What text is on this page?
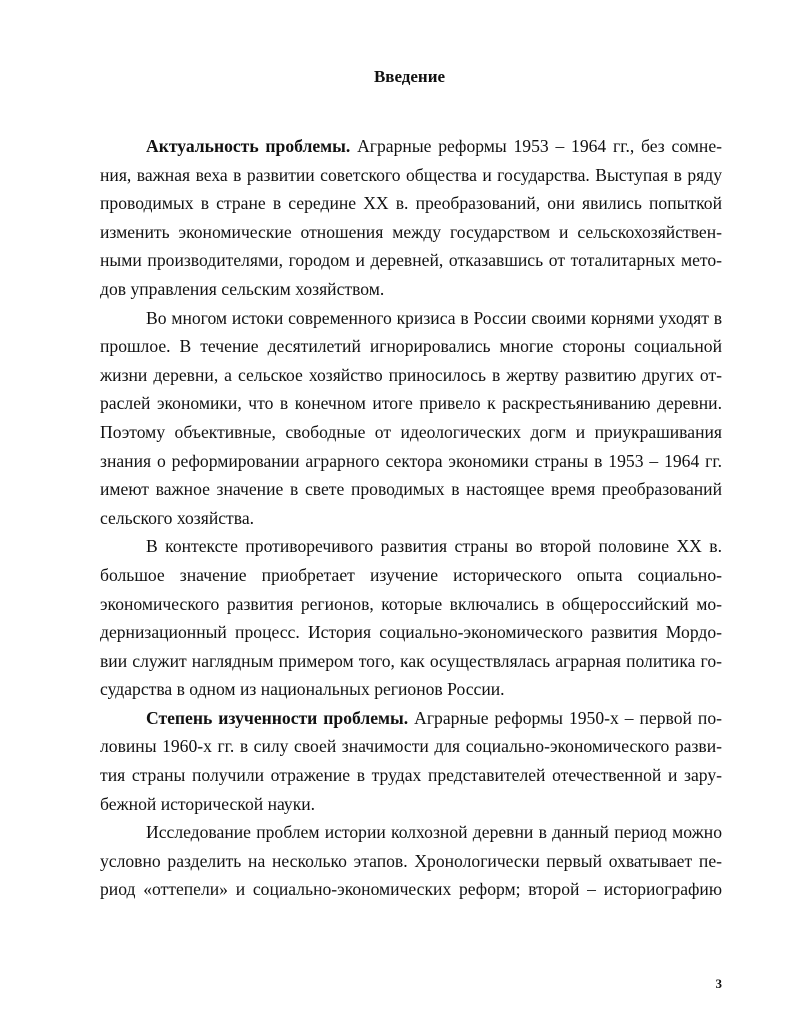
Введение
Актуальность проблемы. Аграрные реформы 1953 – 1964 гг., без сомне-
ния, важная веха в развитии советского общества и государства. Выступая в ряду
проводимых в стране в середине XX в. преобразований, они явились попыткой
изменить экономические отношения между государством и сельскохозяйствен-
ными производителями, городом и деревней, отказавшись от тоталитарных мето-
дов управления сельским хозяйством.
Во многом истоки современного кризиса в России своими корнями уходят в
прошлое. В течение десятилетий игнорировались многие стороны социальной
жизни деревни, а сельское хозяйство приносилось в жертву развитию других от-
раслей экономики, что в конечном итоге привело к раскрестьяниванию деревни.
Поэтому объективные, свободные от идеологических догм и приукрашивания
знания о реформировании аграрного сектора экономики страны в 1953 – 1964 гг.
имеют важное значение в свете проводимых в настоящее время преобразований
сельского хозяйства.
В контексте противоречивого развития страны во второй половине XX в.
большое значение приобретает изучение исторического опыта социально-
экономического развития регионов, которые включались в общероссийский мо-
дернизационный процесс. История социально-экономического развития Мордо-
вии служит наглядным примером того, как осуществлялась аграрная политика го-
сударства в одном из национальных регионов России.
Степень изученности проблемы. Аграрные реформы 1950-х – первой по-
ловины 1960-х гг. в силу своей значимости для социально-экономического разви-
тия страны получили отражение в трудах представителей отечественной и зару-
бежной исторической науки.
Исследование проблем истории колхозной деревни в данный период можно
условно разделить на несколько этапов. Хронологически первый охватывает пе-
риод «оттепели» и социально-экономических реформ; второй – историографию
3
